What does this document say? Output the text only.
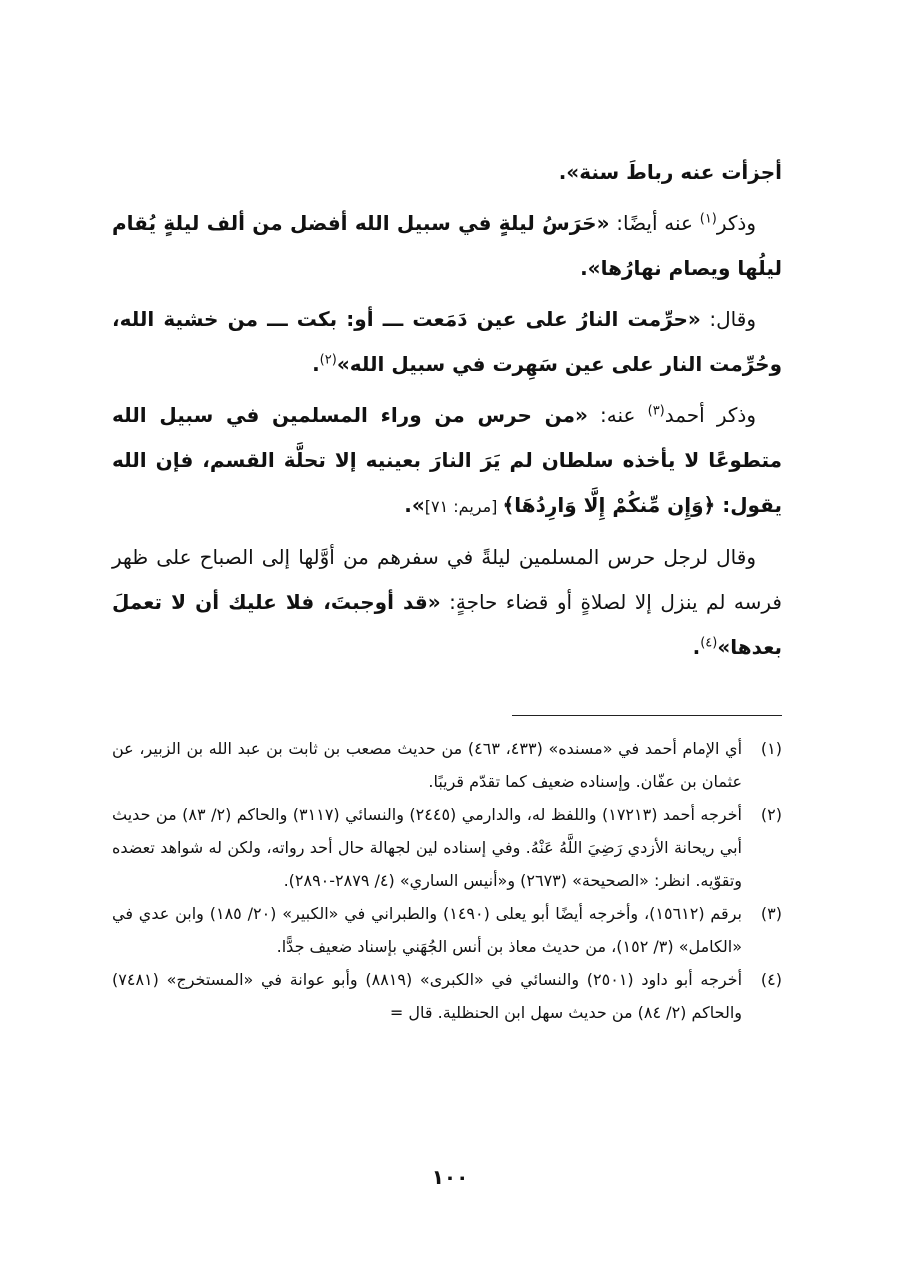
أجزأت عنه رباطَ سنة».

وذكر$^{(١)}$ عنه أيضًا: «حَرَسُ ليلةٍ في سبيل الله أفضل من ألف ليلةٍ يُقام ليلُها ويصام نهارُها».

وقال: «حرِّمت النارُ على عين دَمَعت ـــ أو: بكت ـــ من خشية الله، وحُرِّمت النار على عين سَهِرت في سبيل الله»$^{(٢)}$.

وذكر أحمد$^{(٣)}$ عنه: «من حرس من وراء المسلمين في سبيل الله متطوعًا لا يأخذه سلطان لم يَرَ النارَ بعينيه إلا تحلَّة القسم، فإن الله يقول: ﴿وَإِن مِّنكُمْ إِلَّا وَارِدُهَا﴾ [مريم: ٧١]».

وقال لرجل حرس المسلمين ليلةً في سفرهم من أوَّلها إلى الصباح على ظهر فرسه لم ينزل إلا لصلاةٍ أو قضاء حاجةٍ: «قد أوجبتَ، فلا عليك أن لا تعملَ بعدها»$^{(٤)}$.

(١)
أي الإمام أحمد في «مسنده» (٤٣٣، ٤٦٣) من حديث مصعب بن ثابت بن عبد الله بن الزبير، عن عثمان بن عفّان. وإسناده ضعيف كما تقدّم قريبًا.
(٢)
أخرجه أحمد (١٧٢١٣) واللفظ له، والدارمي (٢٤٤٥) والنسائي (٣١١٧) والحاكم (٢/ ٨٣) من حديث أبي ريحانة الأزدي رَضِيَ اللَّهُ عَنْهُ. وفي إسناده لين لجهالة حال أحد رواته، ولكن له شواهد تعضده وتقوّيه. انظر: «الصحيحة» (٢٦٧٣) و«أنيس الساري» (٤/ ٢٨٧٩-٢٨٩٠).
(٣)
برقم (١٥٦١٢)، وأخرجه أيضًا أبو يعلى (١٤٩٠) والطبراني في «الكبير» (٢٠/ ١٨٥) وابن عدي في «الكامل» (٣/ ١٥٢)، من حديث معاذ بن أنس الجُهَني بإسناد ضعيف جدًّا.
(٤)
أخرجه أبو داود (٢٥٠١) والنسائي في «الكبرى» (٨٨١٩) وأبو عوانة في «المستخرج» (٧٤٨١) والحاكم (٢/ ٨٤) من حديث سهل ابن الحنظلية. قال =
١٠٠
